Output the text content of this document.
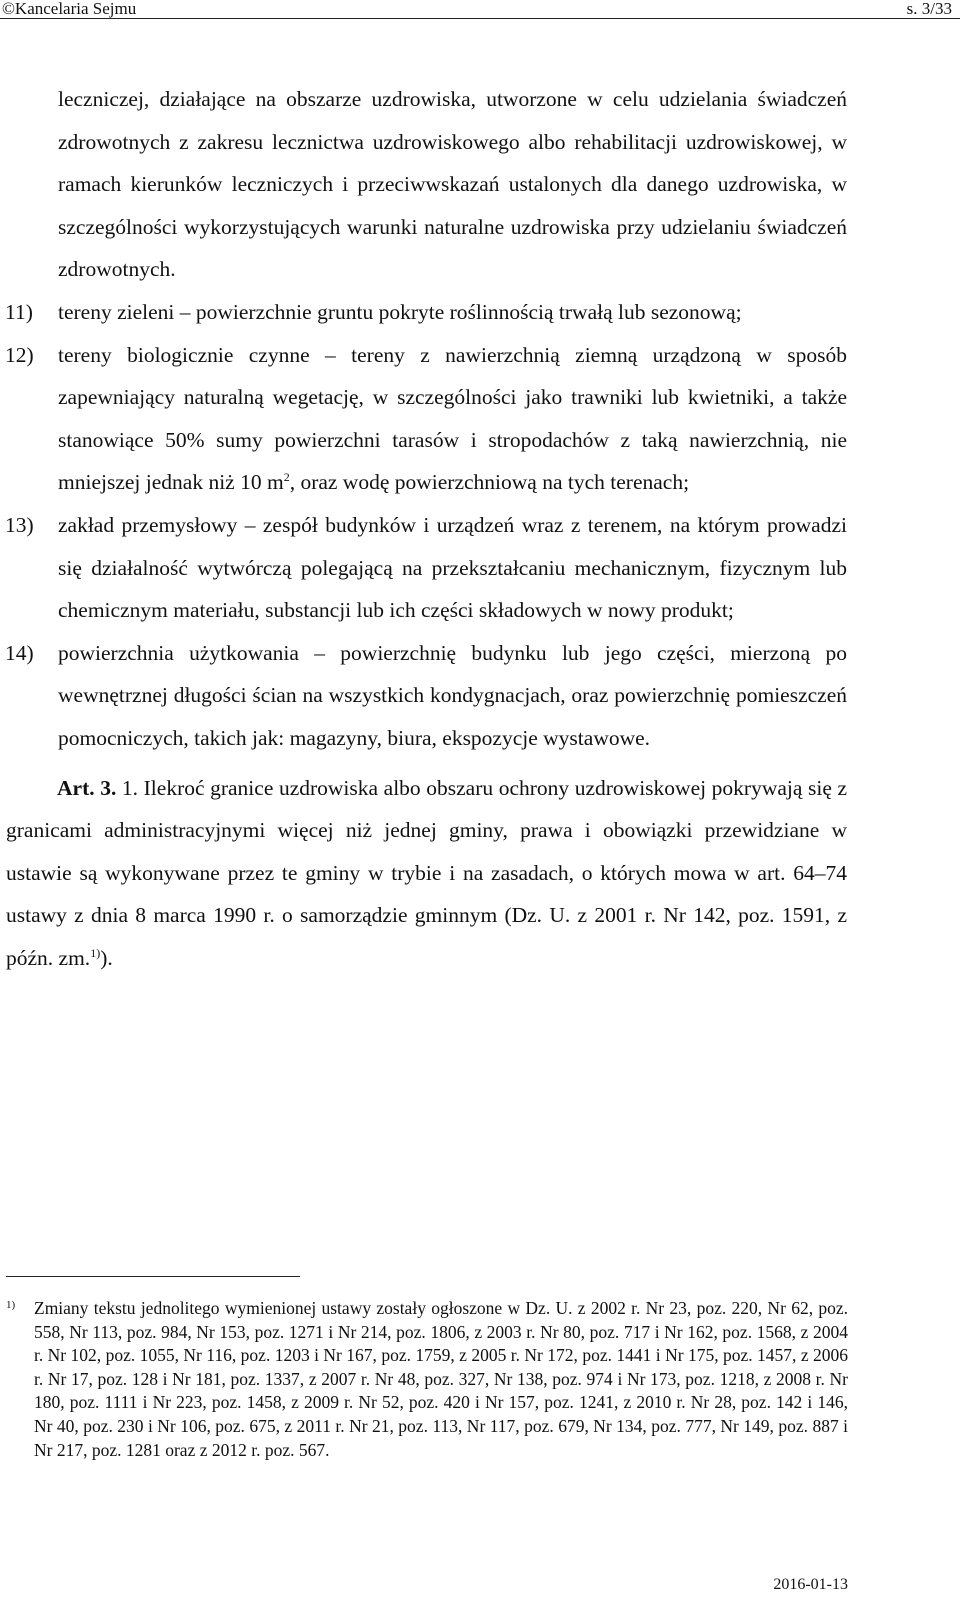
©Kancelaria Sejmu	s. 3/33
leczniczej, działające na obszarze uzdrowiska, utworzone w celu udzielania świadczeń zdrowotnych z zakresu lecznictwa uzdrowiskowego albo rehabilitacji uzdrowiskowej, w ramach kierunków leczniczych i przeciwwskazań ustalonych dla danego uzdrowiska, w szczególności wykorzystujących warunki naturalne uzdrowiska przy udzielaniu świadczeń zdrowotnych.
11)	tereny zieleni – powierzchnie gruntu pokryte roślinnością trwałą lub sezonową;
12)	tereny biologicznie czynne – tereny z nawierzchnią ziemną urządzoną w sposób zapewniający naturalną wegetację, w szczególności jako trawniki lub kwietniki, a także stanowiące 50% sumy powierzchni tarasów i stropodachów z taką nawierzchnią, nie mniejszej jednak niż 10 $m^2$, oraz wodę powierzchniową na tych terenach;
13)	zakład przemysłowy – zespół budynków i urządzeń wraz z terenem, na którym prowadzi się działalność wytwórczą polegającą na przekształcaniu mechanicznym, fizycznym lub chemicznym materiału, substancji lub ich części składowych w nowy produkt;
14)	powierzchnia użytkowania – powierzchnię budynku lub jego części, mierzoną po wewnętrznej długości ścian na wszystkich kondygnacjach, oraz powierzchnię pomieszczeń pomocniczych, takich jak: magazyny, biura, ekspozycje wystawowe.
Art. 3. 1. Ilekroć granice uzdrowiska albo obszaru ochrony uzdrowiskowej pokrywają się z granicami administracyjnymi więcej niż jednej gminy, prawa i obowiązki przewidziane w ustawie są wykonywane przez te gminy w trybie i na zasadach, o których mowa w art. 64–74 ustawy z dnia 8 marca 1990 r. o samorządzie gminnym (Dz. U. z 2001 r. Nr 142, poz. 1591, z późn. zm.$^{1)}$).
1)	Zmiany tekstu jednolitego wymienionej ustawy zostały ogłoszone w Dz. U. z 2002 r. Nr 23, poz. 220, Nr 62, poz. 558, Nr 113, poz. 984, Nr 153, poz. 1271 i Nr 214, poz. 1806, z 2003 r. Nr 80, poz. 717 i Nr 162, poz. 1568, z 2004 r. Nr 102, poz. 1055, Nr 116, poz. 1203 i Nr 167, poz. 1759, z 2005 r. Nr 172, poz. 1441 i Nr 175, poz. 1457, z 2006 r. Nr 17, poz. 128 i Nr 181, poz. 1337, z 2007 r. Nr 48, poz. 327, Nr 138, poz. 974 i Nr 173, poz. 1218, z 2008 r. Nr 180, poz. 1111 i Nr 223, poz. 1458, z 2009 r. Nr 52, poz. 420 i Nr 157, poz. 1241, z 2010 r. Nr 28, poz. 142 i 146, Nr 40, poz. 230 i Nr 106, poz. 675, z 2011 r. Nr 21, poz. 113, Nr 117, poz. 679, Nr 134, poz. 777, Nr 149, poz. 887 i Nr 217, poz. 1281 oraz z 2012 r. poz. 567.
2016-01-13
